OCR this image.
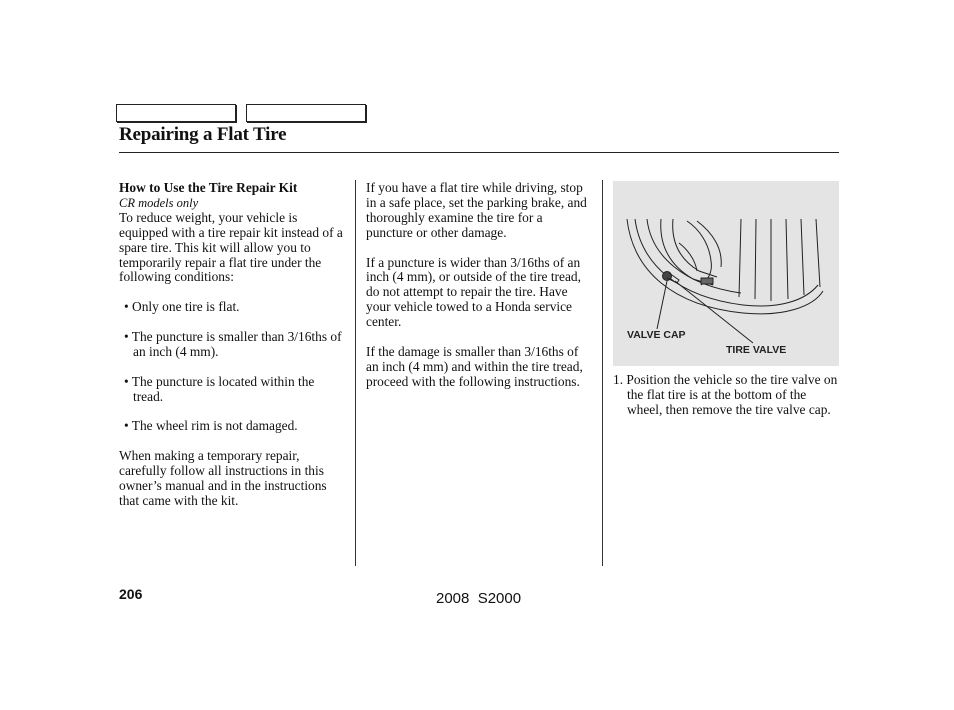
Repairing a Flat Tire

How to Use the Tire Repair Kit

CR models only

To reduce weight, your vehicle is equipped with a tire repair kit instead of a spare tire. This kit will allow you to temporarily repair a flat tire under the following conditions:

• Only one tire is flat.

• The puncture is smaller than 3/16ths of an inch (4 mm).

• The puncture is located within the tread.

• The wheel rim is not damaged.

When making a temporary repair, carefully follow all instructions in this owner’s manual and in the instructions that came with the kit.

If you have a flat tire while driving, stop in a safe place, set the parking brake, and thoroughly examine the tire for a puncture or other damage.

If a puncture is wider than 3/16ths of an inch (4 mm), or outside of the tire tread, do not attempt to repair the tire. Have your vehicle towed to a Honda service center.

If the damage is smaller than 3/16ths of an inch (4 mm) and within the tire tread, proceed with the following instructions.

VALVE CAP
TIRE VALVE

1. Position the vehicle so the tire valve on the flat tire is at the bottom of the wheel, then remove the tire valve cap.

206	2008  S2000
